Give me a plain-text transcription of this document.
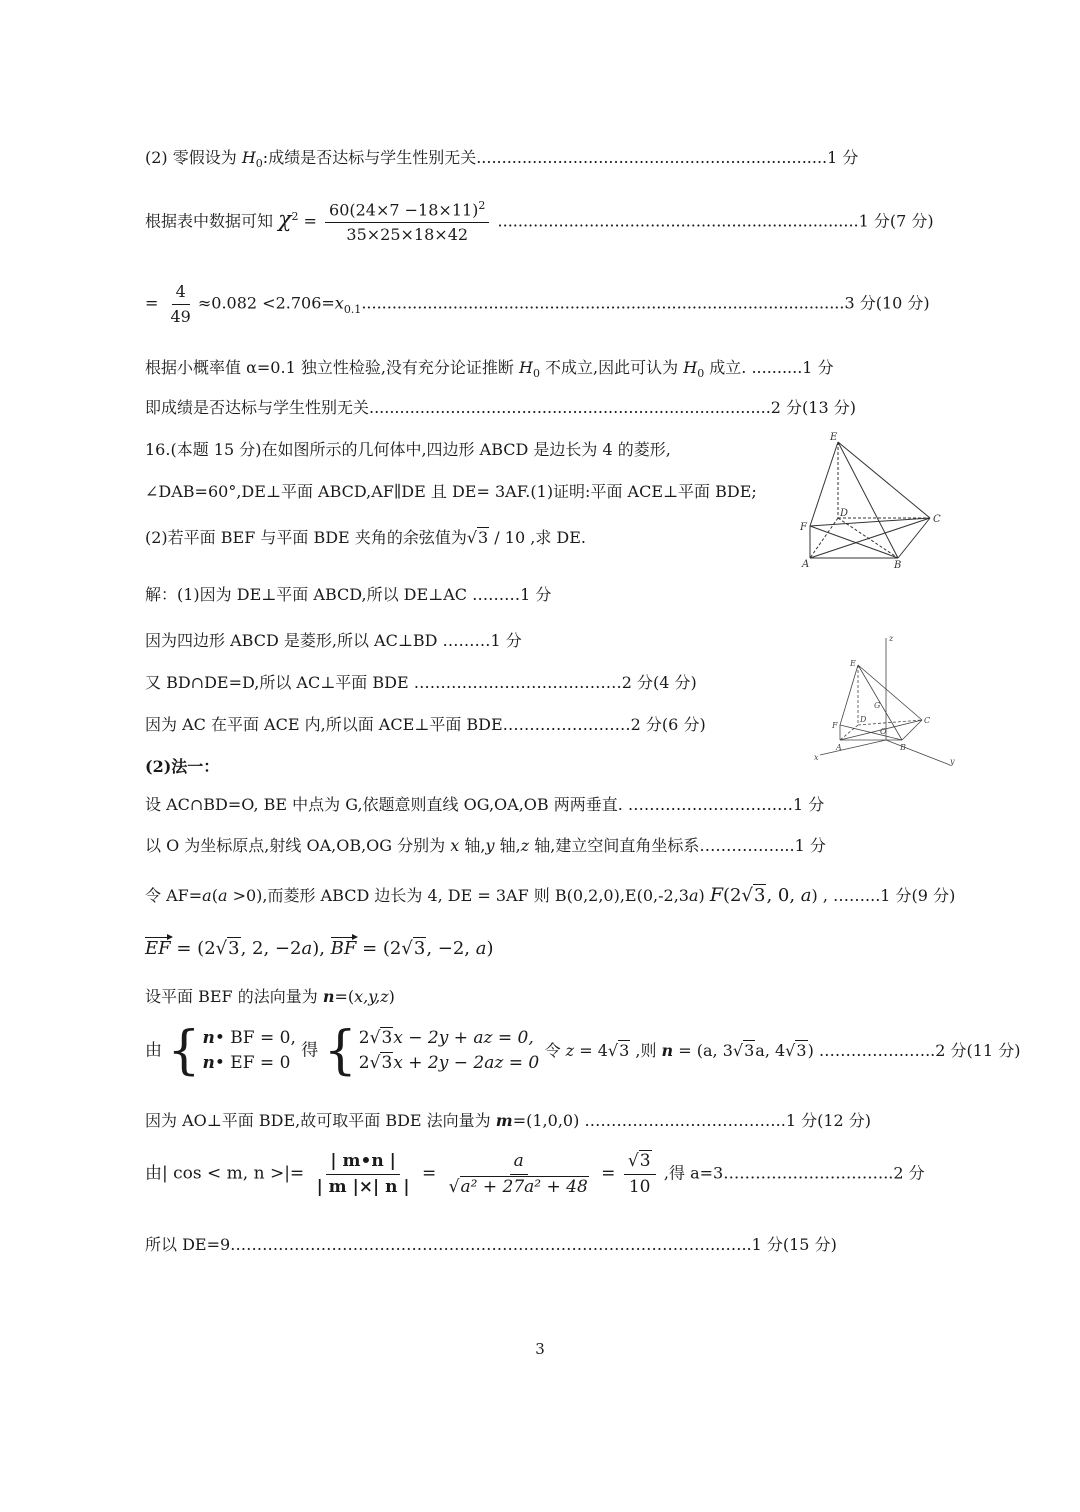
(2) 零假设为 $H_0$:成绩是否达标与学生性别无关.....................................................................1 分
根据表中数据可知 $\chi^2 = \frac{60(24\times 7 -18\times 11)^2}{35\times 25\times 18\times 42} .......................................................................1$ 分(7 分)
= $\frac{4}{49} \approx 0.082 <2.706=x_{0.1}...............................................................................................3$ 分(10 分)
根据小概率值 α=0.1 独立性检验,没有充分论证推断 $H_0$ 不成立,因此可认为 $H_0$ 成立. ..........1 分
即成绩是否达标与学生性别无关...............................................................................2 分(13 分)
16.(本题 15 分)在如图所示的几何体中,四边形 ABCD 是边长为 4 的菱形,
∠DAB=60°,DE⊥平面 ABCD,AF∥DE 且 DE= 3AF.(1)证明:平面 ACE⊥平面 BDE;
(2)若平面 BEF 与平面 BDE 夹角的余弦值为√3 / 10 ,求 DE.
E
D
C
F
A	B
解：(1)因为 DE⊥平面 ABCD,所以 DE⊥AC ………1 分
因为四边形 ABCD 是菱形,所以 AC⊥BD ………1 分
又 BD∩DE=D,所以 AC⊥平面 BDE …………………………………2 分(4 分)
因为 AC 在平面 ACE 内,所以面 ACE⊥平面 BDE……………………2 分(6 分)
z
E
G
C
F
D
O
A	B
x	y
(2)法一：
设 AC∩BD=O, BE 中点为 G,依题意则直线 OG,OA,OB 两两垂直. ……………………….…1 分
以 O 为坐标原点,射线 OA,OB,OG 分别为 x 轴,y 轴,z 轴,建立空间直角坐标系……………...1 分
令 AF=a(a >0),而菱形 ABCD 边长为 4, DE = 3AF 则 B(0,2,0),E(0,-2,3a) F(2√3, 0, a) , ……...1 分(9 分)
EF = (2√3, 2, −2a), BF = (2√3, −2, a)
设平面 BEF 的法向量为 n=(x,y,z)
由 { n• BF = 0,
n• EF = 0
得 { 2√3x − 2y + az = 0,
2√3x + 2y − 2az = 0
令 z = 4√3 ,则 n = (a, 3√3a, 4√3) ……………..…..2 分(11 分)
因为 AO⊥平面 BDE,故可取平面 BDE 法向量为 m=(1,0,0) ……………...………………..1 分(12 分)
由| cos < m, n >|= $\frac{| m•n |}{| m |\times| n |} = \frac{a}{\text{√a² + 27a² + 48}} = \frac{√3}{10}$ ,得 a=3…………………………..2 分
所以 DE=9………………………………………………………………………………...…..1 分(15 分)
3
